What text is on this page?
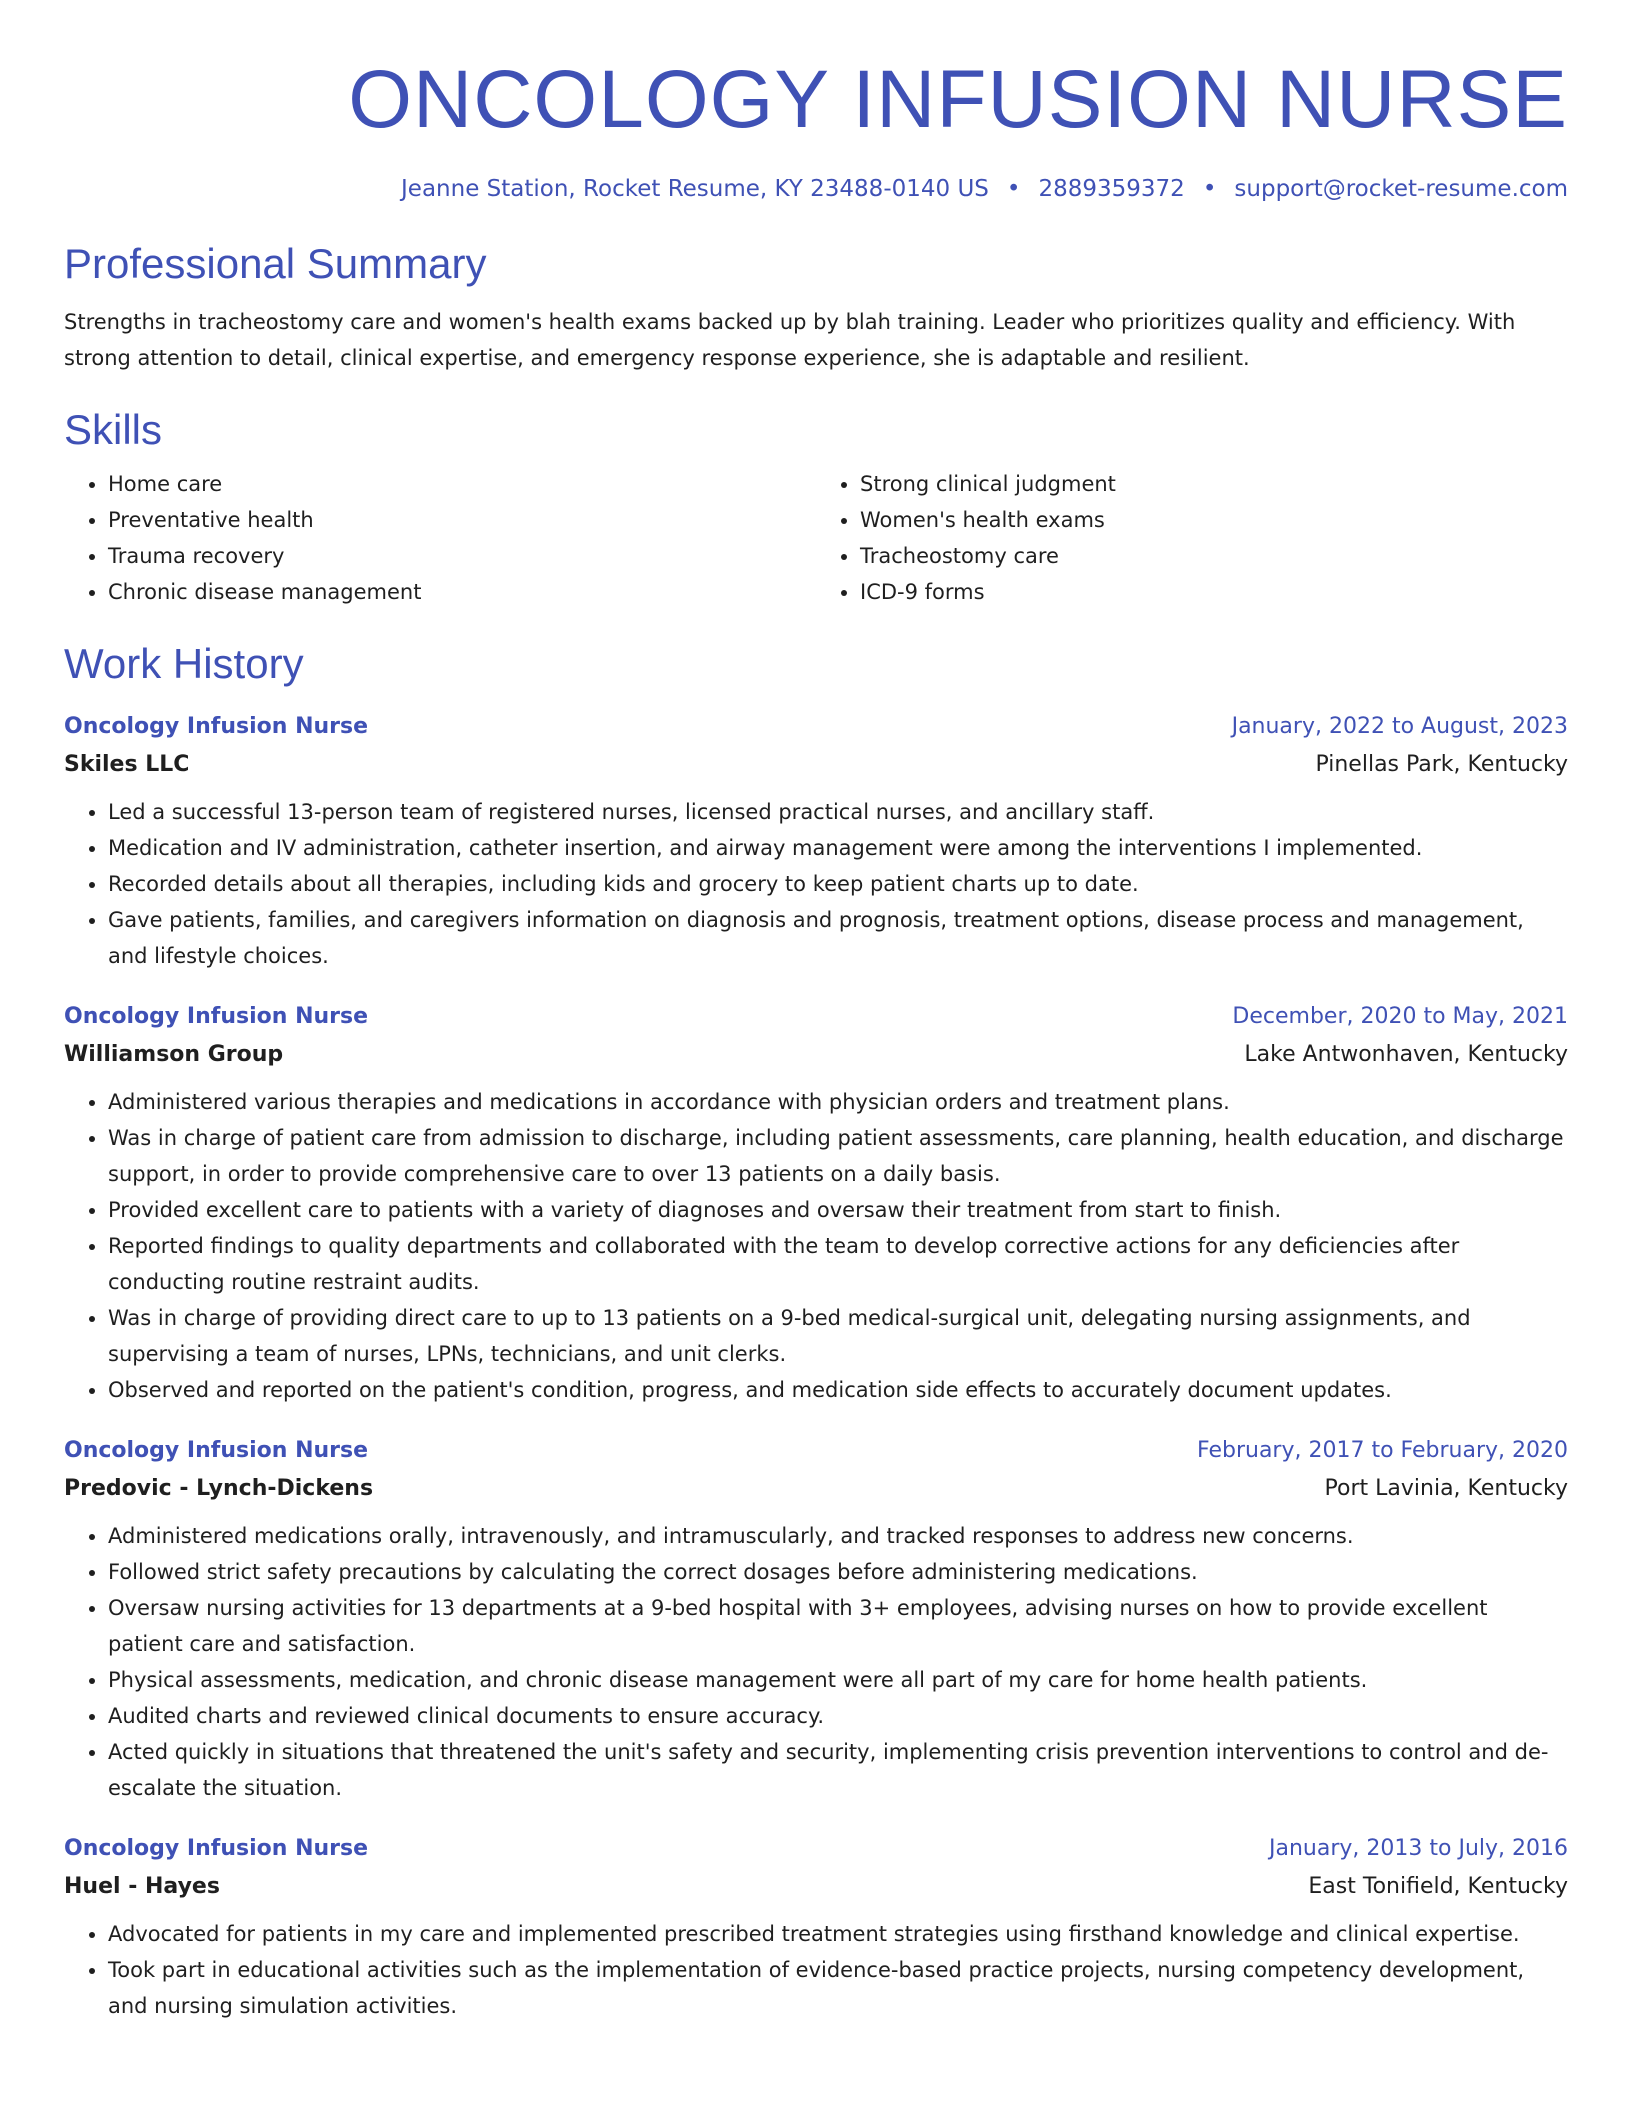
ONCOLOGY INFUSION NURSE
Jeanne Station, Rocket Resume, KY 23488-0140 US • 2889359372 • support@rocket-resume.com
Professional Summary
Strengths in tracheostomy care and women's health exams backed up by blah training. Leader who prioritizes quality and efficiency. With strong attention to detail, clinical expertise, and emergency response experience, she is adaptable and resilient.
Skills
• Home care
• Preventative health
• Trauma recovery
• Chronic disease management
• Strong clinical judgment
• Women's health exams
• Tracheostomy care
• ICD-9 forms
Work History
Oncology Infusion Nurse	January, 2022 to August, 2023
Skiles LLC	Pinellas Park, Kentucky
• Led a successful 13-person team of registered nurses, licensed practical nurses, and ancillary staff.
• Medication and IV administration, catheter insertion, and airway management were among the interventions I implemented.
• Recorded details about all therapies, including kids and grocery to keep patient charts up to date.
• Gave patients, families, and caregivers information on diagnosis and prognosis, treatment options, disease process and management, and lifestyle choices.
Oncology Infusion Nurse	December, 2020 to May, 2021
Williamson Group	Lake Antwonhaven, Kentucky
• Administered various therapies and medications in accordance with physician orders and treatment plans.
• Was in charge of patient care from admission to discharge, including patient assessments, care planning, health education, and discharge support, in order to provide comprehensive care to over 13 patients on a daily basis.
• Provided excellent care to patients with a variety of diagnoses and oversaw their treatment from start to finish.
• Reported findings to quality departments and collaborated with the team to develop corrective actions for any deficiencies after conducting routine restraint audits.
• Was in charge of providing direct care to up to 13 patients on a 9-bed medical-surgical unit, delegating nursing assignments, and supervising a team of nurses, LPNs, technicians, and unit clerks.
• Observed and reported on the patient's condition, progress, and medication side effects to accurately document updates.
Oncology Infusion Nurse	February, 2017 to February, 2020
Predovic - Lynch-Dickens	Port Lavinia, Kentucky
• Administered medications orally, intravenously, and intramuscularly, and tracked responses to address new concerns.
• Followed strict safety precautions by calculating the correct dosages before administering medications.
• Oversaw nursing activities for 13 departments at a 9-bed hospital with 3+ employees, advising nurses on how to provide excellent patient care and satisfaction.
• Physical assessments, medication, and chronic disease management were all part of my care for home health patients.
• Audited charts and reviewed clinical documents to ensure accuracy.
• Acted quickly in situations that threatened the unit's safety and security, implementing crisis prevention interventions to control and de-escalate the situation.
Oncology Infusion Nurse	January, 2013 to July, 2016
Huel - Hayes	East Tonifield, Kentucky
• Advocated for patients in my care and implemented prescribed treatment strategies using firsthand knowledge and clinical expertise.
• Took part in educational activities such as the implementation of evidence-based practice projects, nursing competency development, and nursing simulation activities.
